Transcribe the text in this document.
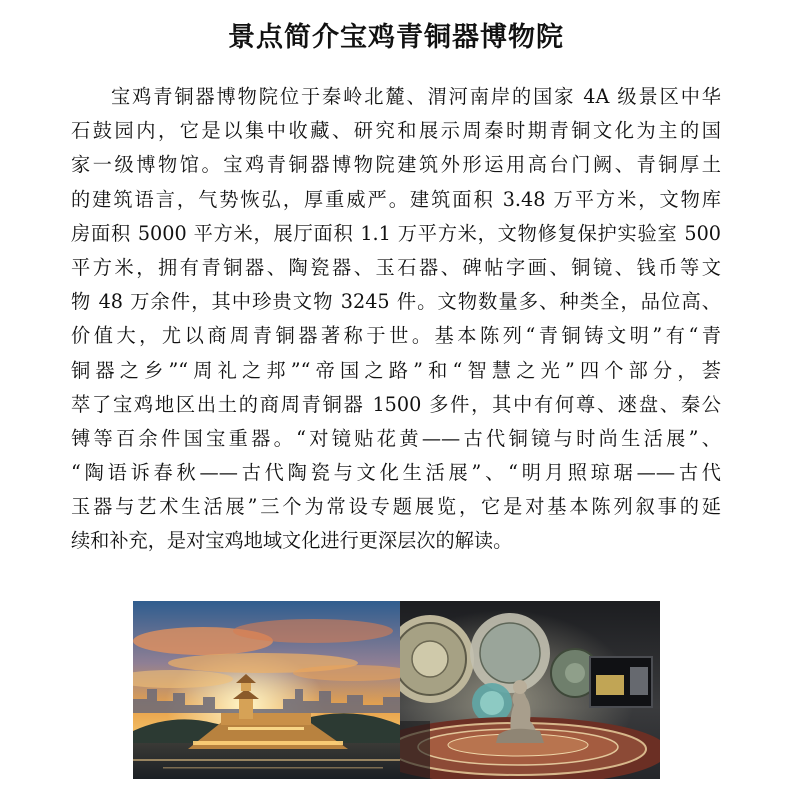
景点简介宝鸡青铜器博物院
宝鸡青铜器博物院位于秦岭北麓、渭河南岸的国家 4A 级景区中华
石鼓园内，它是以集中收藏、研究和展示周秦时期青铜文化为主的国
家一级博物馆。宝鸡青铜器博物院建筑外形运用高台门阙、青铜厚土
的建筑语言，气势恢弘，厚重威严。建筑面积 3.48 万平方米，文物库
房面积 5000 平方米，展厅面积 1.1 万平方米，文物修复保护实验室 500
平方米，拥有青铜器、陶瓷器、玉石器、碑帖字画、铜镜、钱币等文
物 48 万余件，其中珍贵文物 3245 件。文物数量多、种类全，品位高、
价值大，尤以商周青铜器著称于世。基本陈列“青铜铸文明”有“青
铜器之乡”“周礼之邦”“帝国之路”和“智慧之光”四个部分，荟
萃了宝鸡地区出土的商周青铜器 1500 多件，其中有何尊、逨盘、秦公
镈等百余件国宝重器。“对镜贴花黄——古代铜镜与时尚生活展”、
“陶语诉春秋——古代陶瓷与文化生活展”、“明月照琼琚——古代
玉器与艺术生活展”三个为常设专题展览，它是对基本陈列叙事的延
续和补充，是对宝鸡地域文化进行更深层次的解读。
